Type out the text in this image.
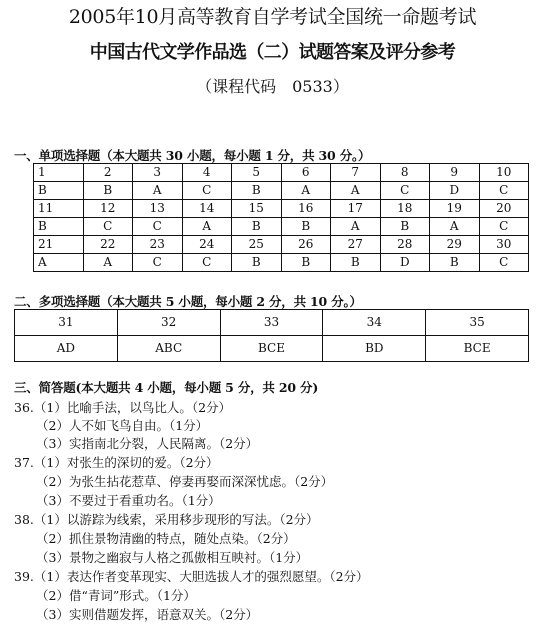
2005年10月高等教育自学考试全国统一命题考试
中国古代文学作品选（二）试题答案及评分参考
（课程代码　0533）
一、单项选择题（本大题共 30 小题，每小题 1 分，共 30 分。）
1	2	3	4	5	6	7	8	9	10
B	B	A	C	B	A	A	C	D	C
11	12	13	14	15	16	17	18	19	20
B	C	C	A	B	B	A	B	A	C
21	22	23	24	25	26	27	28	29	30
A	A	C	C	B	B	B	D	B	C
二、多项选择题（本大题共 5 小题，每小题 2 分，共 10 分。）
31	32	33	34	35
AD	ABC	BCE	BD	BCE
三、简答题(本大题共 4 小题，每小题 5 分，共 20 分)
36.（1）比喻手法，以鸟比人。（2分）
（2）人不如飞鸟自由。（1分）
（3）实指南北分裂，人民隔离。（2分）
37.（1）对张生的深切的爱。（2分）
（2）为张生拈花惹草、停妻再娶而深深忧虑。（2分）
（3）不要过于看重功名。（1分）
38.（1）以游踪为线索，采用移步现形的写法。（2分）
（2）抓住景物清幽的特点，随处点染。（2分）
（3）景物之幽寂与人格之孤傲相互映衬。（1分）
39.（1）表达作者变革现实、大胆选拔人才的强烈愿望。（2分）
（2）借“青词”形式。（1分）
（3）实则借题发挥，语意双关。（2分）
